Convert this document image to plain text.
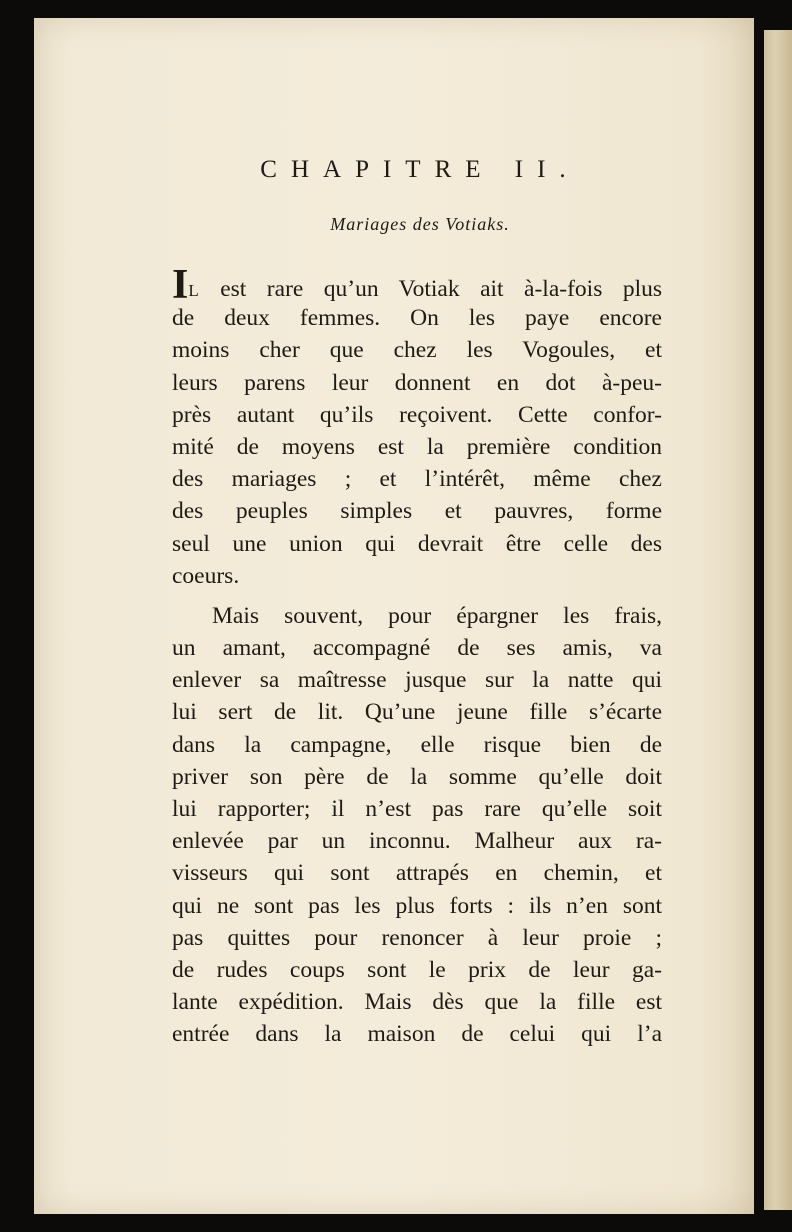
CHAPITRE II.
Mariages des Votiaks.
IL est rare qu’un Votiak ait à-la-fois plus
de deux femmes. On les paye encore
moins cher que chez les Vogoules, et
leurs parens leur donnent en dot à-peu-
près autant qu’ils reçoivent. Cette confor-
mité de moyens est la première condition
des mariages ; et l’intérêt, même chez
des peuples simples et pauvres, forme
seul une union qui devrait être celle des
coeurs.
Mais souvent, pour épargner les frais,
un amant, accompagné de ses amis, va
enlever sa maîtresse jusque sur la natte qui
lui sert de lit. Qu’une jeune fille s’écarte
dans la campagne, elle risque bien de
priver son père de la somme qu’elle doit
lui rapporter; il n’est pas rare qu’elle soit
enlevée par un inconnu. Malheur aux ra-
visseurs qui sont attrapés en chemin, et
qui ne sont pas les plus forts : ils n’en sont
pas quittes pour renoncer à leur proie ;
de rudes coups sont le prix de leur ga-
lante expédition. Mais dès que la fille est
entrée dans la maison de celui qui l’a
